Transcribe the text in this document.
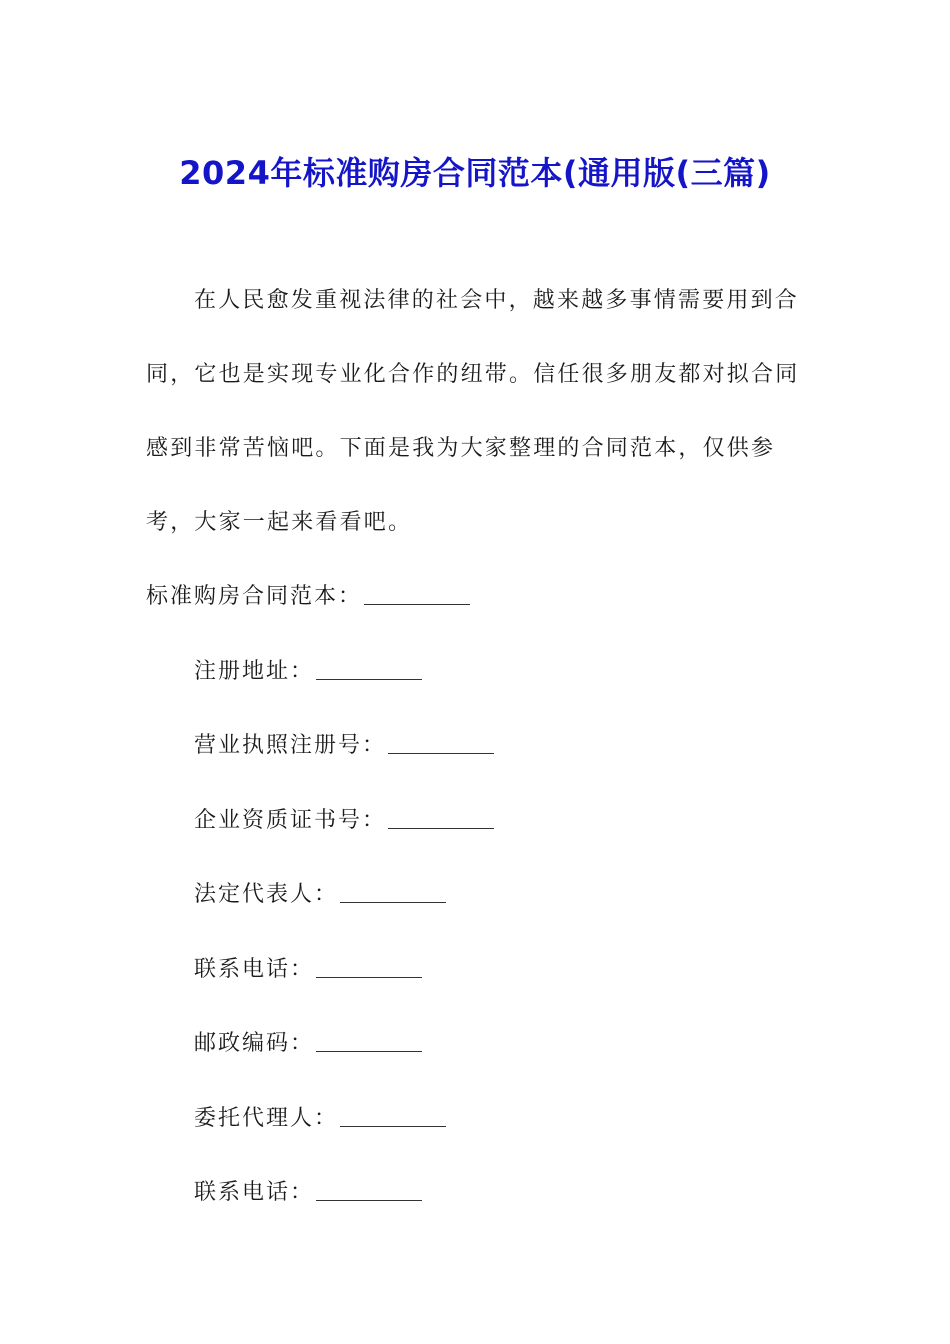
2024年标准购房合同范本(通用版(三篇)

在人民愈发重视法律的社会中，越来越多事情需要用到合同，它也是实现专业化合作的纽带。信任很多朋友都对拟合同感到非常苦恼吧。下面是我为大家整理的合同范本，仅供参考，大家一起来看看吧。

标准购房合同范本：
注册地址：
营业执照注册号：
企业资质证书号：
法定代表人：
联系电话：
邮政编码：
委托代理人：
联系电话：
